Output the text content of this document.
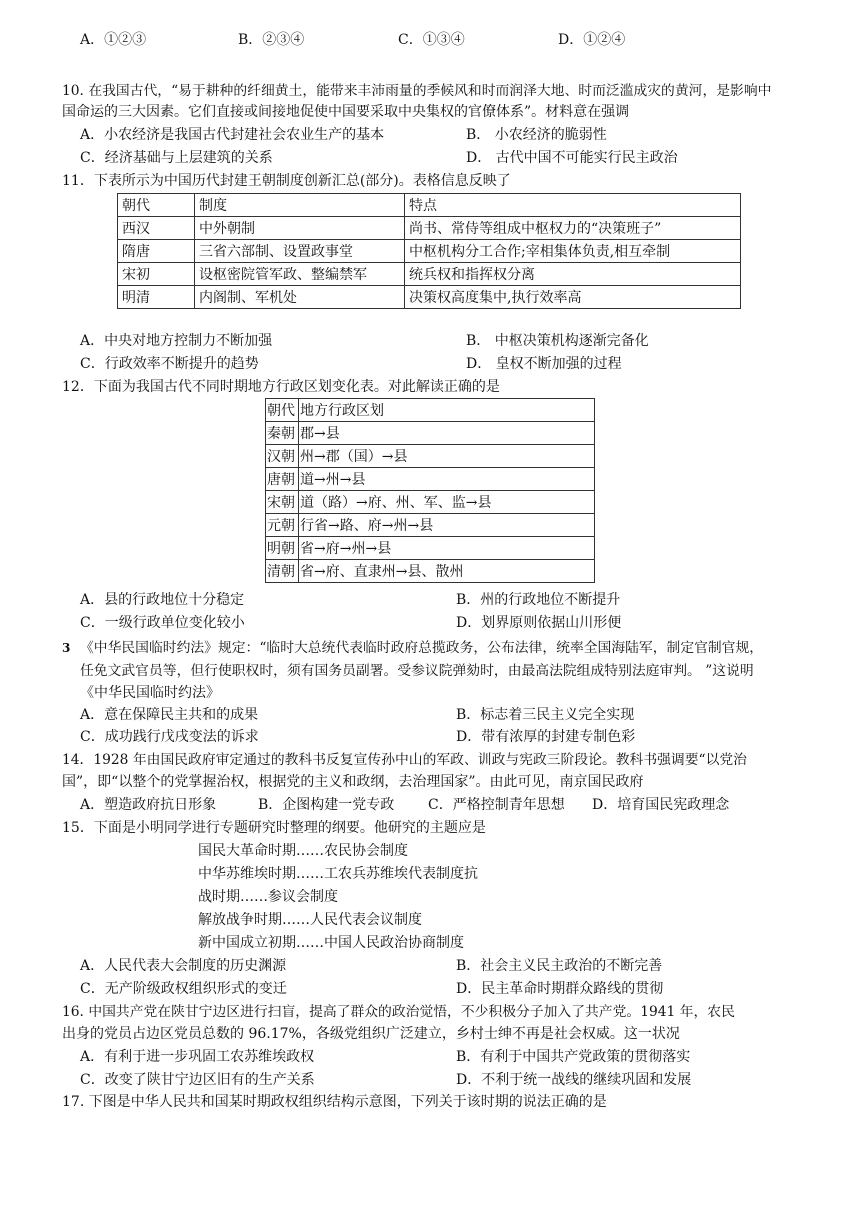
A．①②③	B．②③④	C．①③④	D．①②④
10. 在我国古代，“易于耕种的纤细黄土，能带来丰沛雨量的季候风和时而润泽大地、时而泛滥成灾的黄河，是影响中
国命运的三大因素。它们直接或间接地促使中国要采取中央集权的官僚体系”。材料意在强调
A．小农经济是我国古代封建社会农业生产的基本	B． 小农经济的脆弱性
C．经济基础与上层建筑的关系	D． 古代中国不可能实行民主政治
11．下表所示为中国历代封建王朝制度创新汇总(部分)。表格信息反映了
朝代	制度	特点
西汉	中外朝制	尚书、常侍等组成中枢权力的“决策班子”
隋唐	三省六部制、设置政事堂	中枢机构分工合作;宰相集体负责,相互牵制
宋初	设枢密院管军政、整编禁军	统兵权和指挥权分离
明清	内阁制、军机处	决策权高度集中,执行效率高
A．中央对地方控制力不断加强	B． 中枢决策机构逐渐完备化
C．行政效率不断提升的趋势	D． 皇权不断加强的过程
12．下面为我国古代不同时期地方行政区划变化表。对此解读正确的是
朝代	地方行政区划
秦朝	郡→县
汉朝	州→郡（国）→县
唐朝	道→州→县
宋朝	道（路）→府、州、军、监→县
元朝	行省→路、府→州→县
明朝	省→府→州→县
清朝	省→府、直隶州→县、散州
A．县的行政地位十分稳定	B．州的行政地位不断提升
C．一级行政单位变化较小	D．划界原则依据山川形便
3 《中华民国临时约法》规定：“临时大总统代表临时政府总揽政务，公布法律，统率全国海陆军，制定官制官规，
任免文武官员等，但行使职权时，须有国务员副署。受参议院弹劾时，由最高法院组成特别法庭审判。 ”这说明
《中华民国临时约法》
A．意在保障民主共和的成果	B．标志着三民主义完全实现
C．成功践行戊戌变法的诉求	D．带有浓厚的封建专制色彩
14．1928 年由国民政府审定通过的教科书反复宣传孙中山的军政、训政与宪政三阶段论。教科书强调要“以党治
国”，即“以整个的党掌握治权，根据党的主义和政纲，去治理国家”。由此可见，南京国民政府
A．塑造政府抗日形象	B．企图构建一党专政 C．严格控制青年思想 D．培育国民宪政理念
15．下面是小明同学进行专题研究时整理的纲要。他研究的主题应是
国民大革命时期……农民协会制度
中华苏维埃时期……工农兵苏维埃代表制度抗
战时期……参议会制度
解放战争时期……人民代表会议制度
新中国成立初期……中国人民政治协商制度
A．人民代表大会制度的历史渊源	B．社会主义民主政治的不断完善
C．无产阶级政权组织形式的变迁	D．民主革命时期群众路线的贯彻
16. 中国共产党在陕甘宁边区进行扫盲，提高了群众的政治觉悟，不少积极分子加入了共产党。1941 年，农民
出身的党员占边区党员总数的 96.17%，各级党组织广泛建立，乡村士绅不再是社会权威。这一状况
A．有利于进一步巩固工农苏维埃政权	B．有利于中国共产党政策的贯彻落实
C．改变了陕甘宁边区旧有的生产关系	D．不利于统一战线的继续巩固和发展
17. 下图是中华人民共和国某时期政权组织结构示意图，下列关于该时期的说法正确的是
